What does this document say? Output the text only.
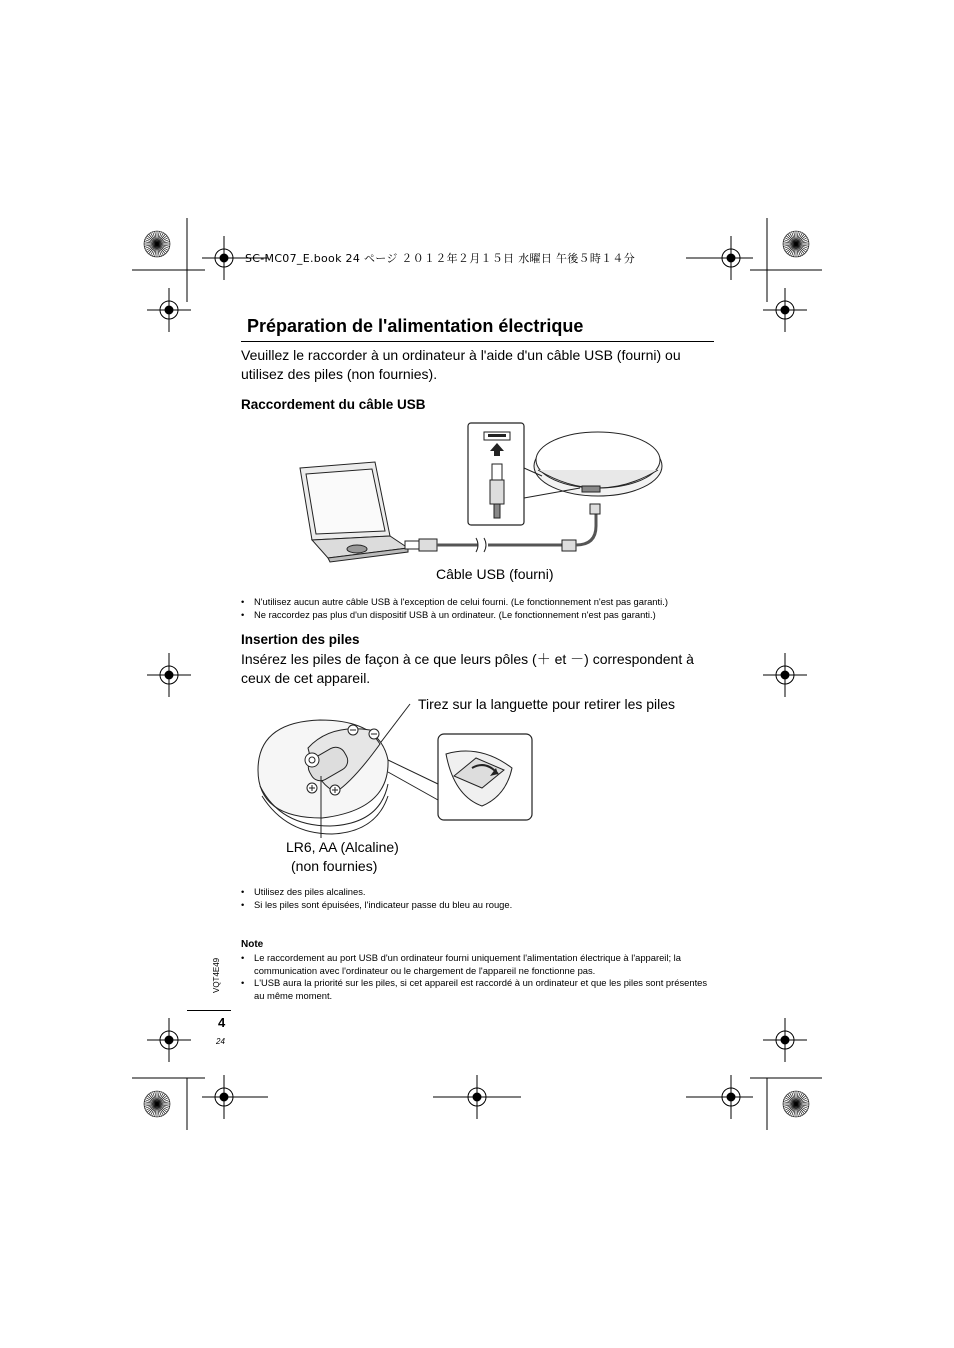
SC-MC07_E.book 24 ページ ２０１２年２月１５日 水曜日 午後５時１４分
Préparation de l'alimentation électrique
Veuillez le raccorder à un ordinateur à l'aide d'un câble USB (fourni) ou utilisez des piles (non fournies).
Raccordement du câble USB
Câble USB (fourni)
• N'utilisez aucun autre câble USB à l'exception de celui fourni. (Le fonctionnement n'est pas garanti.)
• Ne raccordez pas plus d'un dispositif USB à un ordinateur. (Le fonctionnement n'est pas garanti.)
Insertion des piles
Insérez les piles de façon à ce que leurs pôles (＋ et －) correspondent à ceux de cet appareil.
Tirez sur la languette pour retirer les piles
LR6, AA (Alcaline)
(non fournies)
• Utilisez des piles alcalines.
• Si les piles sont épuisées, l'indicateur passe du bleu au rouge.
Note
• Le raccordement au port USB d'un ordinateur fourni uniquement l'alimentation électrique à l'appareil; la communication avec l'ordinateur ou le chargement de l'appareil ne fonctionne pas.
• L'USB aura la priorité sur les piles, si cet appareil est raccordé à un ordinateur et que les piles sont présentes au même moment.
VQT4E49
4
24
